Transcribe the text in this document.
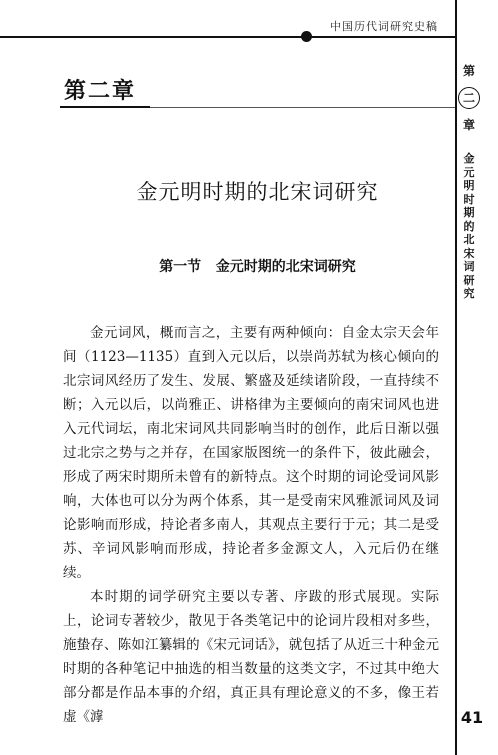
中国历代词研究史稿
第二章
第
二
章
金元明时期的北宋词研究
金元明时期的北宋词研究
第一节   金元时期的北宋词研究

金元词风，概而言之，主要有两种倾向：自金太宗天会年间（1123—1135）直到入元以后，以崇尚苏轼为核心倾向的北宗词风经历了发生、发展、繁盛及延续诸阶段，一直持续不断；入元以后，以尚雅正、讲格律为主要倾向的南宋词风也进入元代词坛，南北宋词风共同影响当时的创作，此后日渐以强过北宗之势与之并存，在国家版图统一的条件下，彼此融会，形成了两宋时期所未曾有的新特点。这个时期的词论受词风影响，大体也可以分为两个体系，其一是受南宋风雅派词风及词论影响而形成，持论者多南人，其观点主要行于元；其二是受苏、辛词风影响而形成，持论者多金源文人，入元后仍在继续。

本时期的词学研究主要以专著、序跋的形式展现。实际上，论词专著较少，散见于各类笔记中的论词片段相对多些，施蛰存、陈如江纂辑的《宋元词话》，就包括了从近三十种金元时期的各种笔记中抽选的相当数量的这类文字，不过其中绝大部分都是作品本事的介绍，真正具有理论意义的不多，像王若虚《滹	41
